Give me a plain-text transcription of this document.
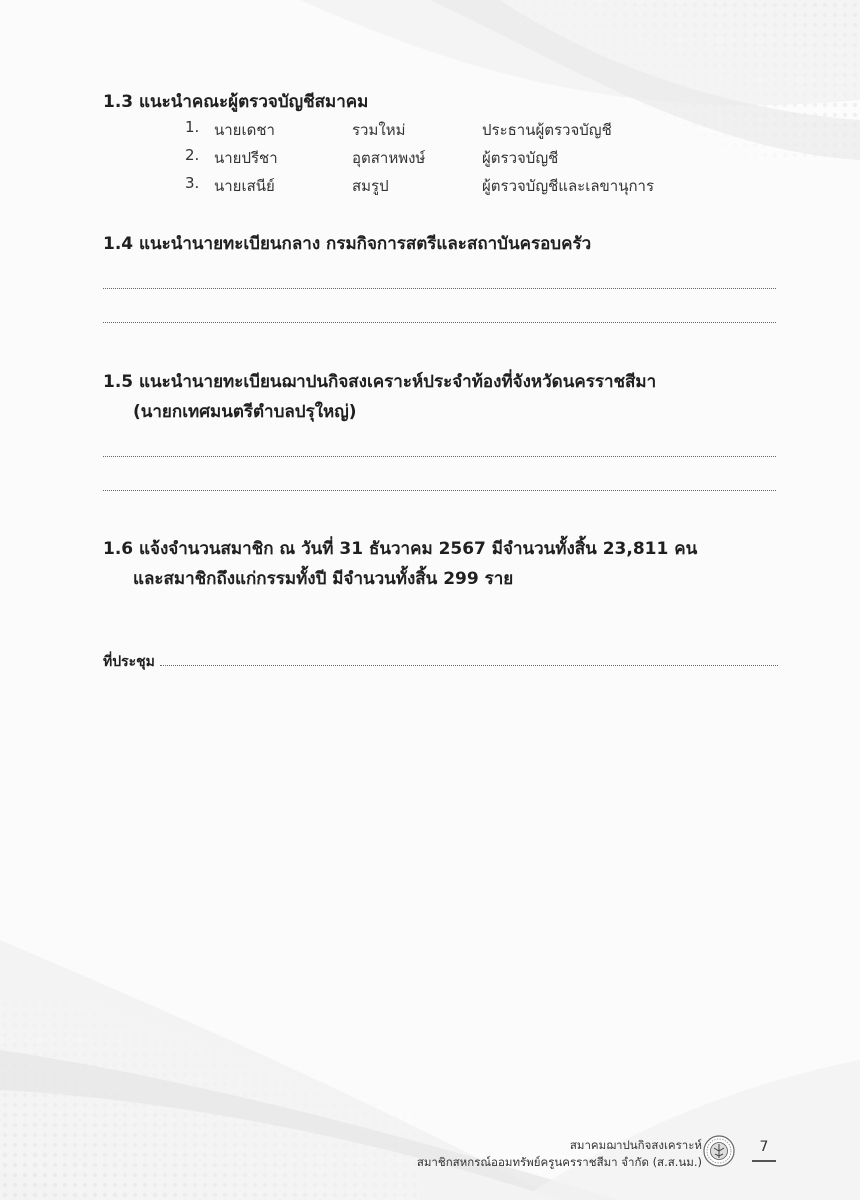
1.3 แนะนำคณะผู้ตรวจบัญชีสมาคม
1. นายเดชา	รวมใหม่	ประธานผู้ตรวจบัญชี
2. นายปรีชา	อุตสาหพงษ์	ผู้ตรวจบัญชี
3. นายเสนีย์	สมรูป	ผู้ตรวจบัญชีและเลขานุการ
1.4 แนะนำนายทะเบียนกลาง กรมกิจการสตรีและสถาบันครอบครัว
1.5 แนะนำนายทะเบียนฌาปนกิจสงเคราะห์ประจำท้องที่จังหวัดนครราชสีมา
(นายกเทศมนตรีตำบลปรุใหญ่)
1.6 แจ้งจำนวนสมาชิก ณ วันที่ 31 ธันวาคม 2567 มีจำนวนทั้งสิ้น 23,811 คน
และสมาชิกถึงแก่กรรมทั้งปี มีจำนวนทั้งสิ้น 299 ราย
ที่ประชุม
สมาคมฌาปนกิจสงเคราะห์
สมาชิกสหกรณ์ออมทรัพย์ครูนครราชสีมา จำกัด (ส.ส.นม.)
7
